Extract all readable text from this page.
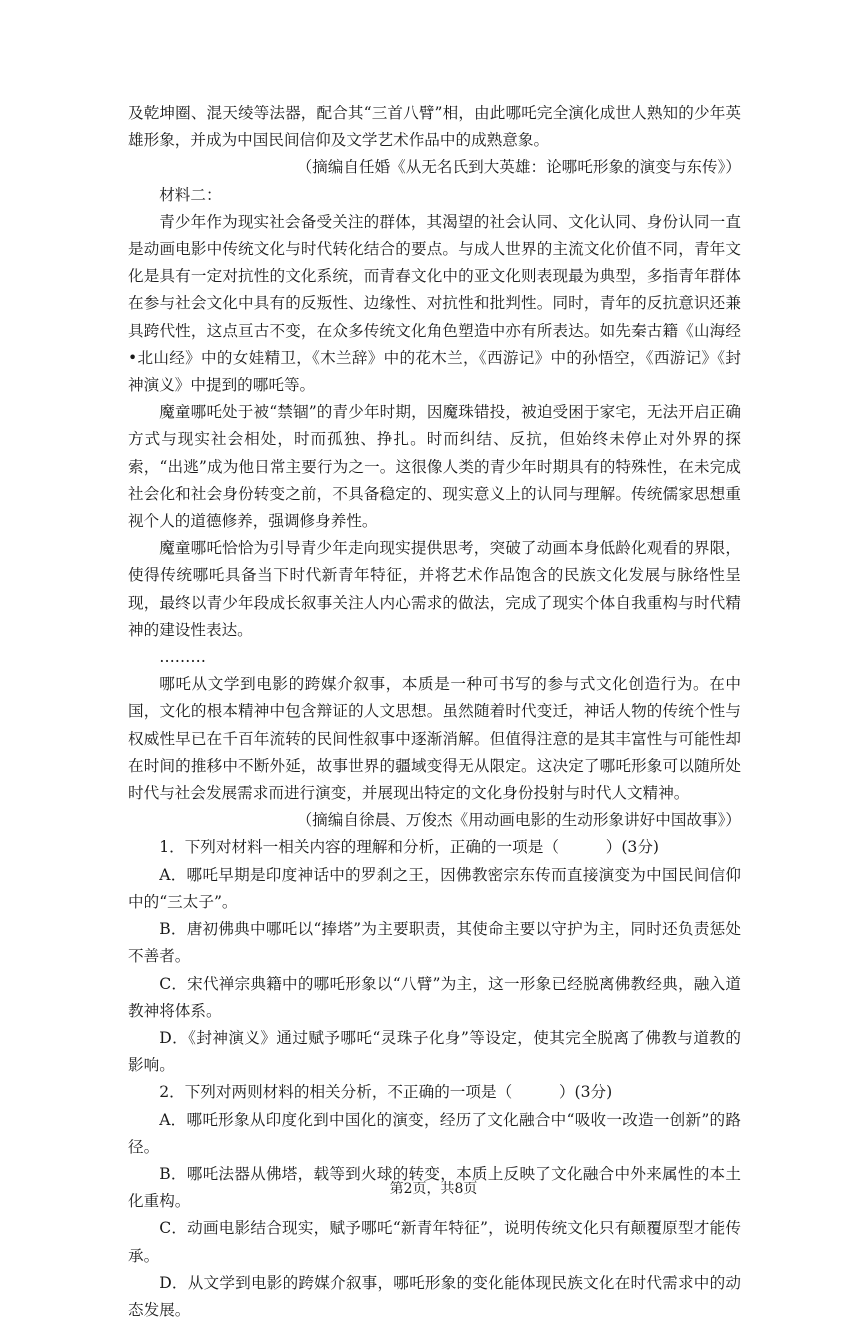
及乾坤圈、混天绫等法器，配合其“三首八臂”相，由此哪吒完全演化成世人熟知的少年英雄形象，并成为中国民间信仰及文学艺术作品中的成熟意象。

（摘编自任婚《从无名氏到大英雄：论哪吒形象的演变与东传》）

材料二：

青少年作为现实社会备受关注的群体，其渴望的社会认同、文化认同、身份认同一直是动画电影中传统文化与时代转化结合的要点。与成人世界的主流文化价值不同，青年文化是具有一定对抗性的文化系统，而青春文化中的亚文化则表现最为典型，多指青年群体在参与社会文化中具有的反叛性、边缘性、对抗性和批判性。同时，青年的反抗意识还兼具跨代性，这点亘古不变，在众多传统文化角色塑造中亦有所表达。如先秦古籍《山海经•北山经》中的女娃精卫，《木兰辞》中的花木兰，《西游记》中的孙悟空，《西游记》《封神演义》中提到的哪吒等。

魔童哪吒处于被“禁锢”的青少年时期，因魔珠错投，被迫受困于家宅，无法开启正确方式与现实社会相处，时而孤独、挣扎。时而纠结、反抗，但始终未停止对外界的探索，“出逃”成为他日常主要行为之一。这很像人类的青少年时期具有的特殊性，在未完成社会化和社会身份转变之前，不具备稳定的、现实意义上的认同与理解。传统儒家思想重视个人的道德修养，强调修身养性。

魔童哪吒恰恰为引导青少年走向现实提供思考，突破了动画本身低龄化观看的界限，使得传统哪吒具备当下时代新青年特征，并将艺术作品饱含的民族文化发展与脉络性呈现，最终以青少年段成长叙事关注人内心需求的做法，完成了现实个体自我重构与时代精神的建设性表达。

………

哪吒从文学到电影的跨媒介叙事，本质是一种可书写的参与式文化创造行为。在中国，文化的根本精神中包含辩证的人文思想。虽然随着时代变迁，神话人物的传统个性与权威性早已在千百年流转的民间性叙事中逐渐消解。但值得注意的是其丰富性与可能性却在时间的推移中不断外延，故事世界的疆域变得无从限定。这决定了哪吒形象可以随所处时代与社会发展需求而进行演变，并展现出特定的文化身份投射与时代人文精神。

（摘编自徐晨、万俊杰《用动画电影的生动形象讲好中国故事》）

1．下列对材料一相关内容的理解和分析，正确的一项是（　　　）(3分)

A．哪吒早期是印度神话中的罗刹之王，因佛教密宗东传而直接演变为中国民间信仰中的“三太子”。

B．唐初佛典中哪吒以“捧塔”为主要职责，其使命主要以守护为主，同时还负责惩处不善者。

C．宋代禅宗典籍中的哪吒形象以“八臂”为主，这一形象已经脱离佛教经典，融入道教神将体系。

D．《封神演义》通过赋予哪吒“灵珠子化身”等设定，使其完全脱离了佛教与道教的影响。

2．下列对两则材料的相关分析，不正确的一项是（　　　）(3分)

A．哪吒形象从印度化到中国化的演变，经历了文化融合中“吸收一改造一创新”的路径。

B．哪吒法器从佛塔，载等到火球的转变，本质上反映了文化融合中外来属性的本土化重构。

C．动画电影结合现实，赋予哪吒“新青年特征”，说明传统文化只有颠覆原型才能传承。

D．从文学到电影的跨媒介叙事，哪吒形象的变化能体现民族文化在时代需求中的动态发展。

第2页，共8页
